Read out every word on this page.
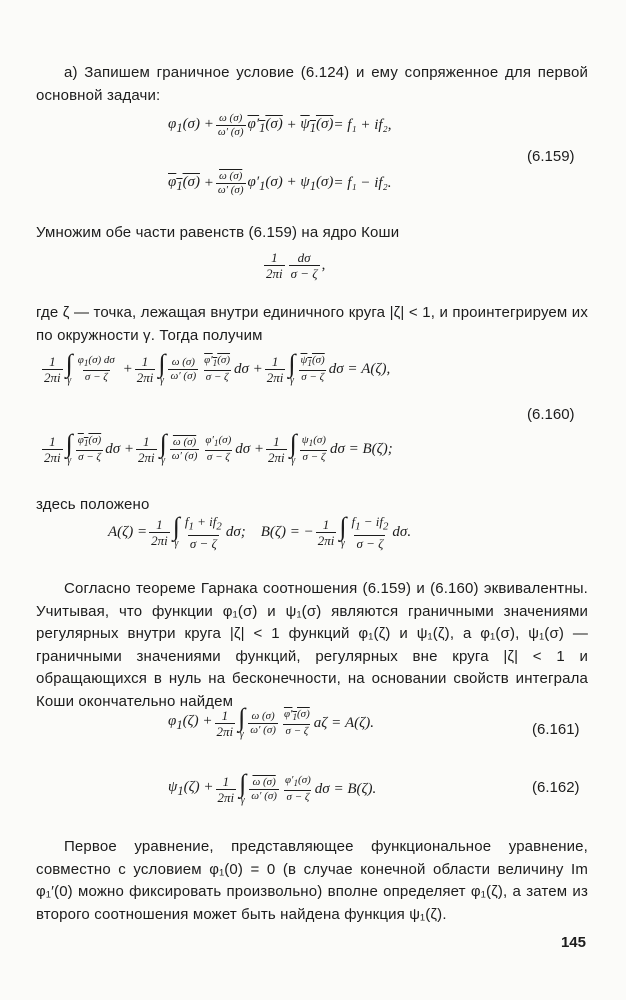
а) Запишем граничное условие (6.124) и ему сопряженное для первой основной задачи:

$\varphi_1(\sigma) + \frac{\omega (\sigma)}{\omega' (\sigma)} \varphi'_1(\sigma) + \psi_1(\sigma) = f_1 + if_2$,
(6.159)
$\varphi_1(\sigma) + \frac{\omega (\sigma)}{\omega' (\sigma)} \varphi'_1(\sigma) + \psi_1(\sigma) = f_1 - if_2$.

Умножим обе части равенств (6.159) на ядро Коши

$\frac{1}{2\pi i} \frac{d\sigma}{\sigma - \zeta}$ ,

где ζ — точка, лежащая внутри единичного круга |ζ| < 1, и проинтегрируем их по окружности γ. Тогда получим

$\frac{1}{2\pi i}$ ∫
γ $\frac{\varphi_1(\sigma) d\sigma}{\sigma - \zeta} + \frac{1}{2\pi i}$ ∫
γ $\frac{\omega (\sigma)}{\omega' (\sigma)} \frac{\varphi'_1(\sigma)}{\sigma - \zeta}$ $d\sigma + \frac{1}{2\pi i}$ ∫
γ $\frac{\psi_1(\sigma)}{\sigma - \zeta}$ dσ = A(ζ),
(6.160)
$\frac{1}{2\pi i}$ ∫
γ $\frac{\varphi_1(\sigma)}{\sigma - \zeta}$ $d\sigma + \frac{1}{2\pi i}$ ∫
γ $\frac{\omega (\sigma)}{\omega' (\sigma)} \frac{\varphi'_1(\sigma)}{\sigma - \zeta}$ $d\sigma + \frac{1}{2\pi i}$ ∫
γ $\frac{\psi_1(\sigma)}{\sigma - \zeta}$ dσ = B(ζ);

здесь положено

$A(\zeta) = \frac{1}{2\pi i}$ ∫
γ $\frac{f_1 + if_2}{\sigma - \zeta} d\sigma$;    B(ζ) = − $\frac{1}{2\pi i}$ ∫
γ $\frac{f_1 - if_2}{\sigma - \zeta} d\sigma$.

Согласно теореме Гарнака соотношения (6.159) и (6.160) эквивалентны. Учитывая, что функции φ₁(σ) и ψ₁(σ) являются граничными значениями регулярных внутри круга |ζ| < 1 функций φ₁(ζ) и ψ₁(ζ), а φ₁(σ), ψ₁(σ) — граничными значениями функций, регулярных вне круга |ζ| < 1 и обращающихся в нуль на бесконечности, на основании свойств интеграла Коши окончательно найдем

$\varphi_1(\zeta) + \frac{1}{2\pi i}$ ∫
γ $\frac{\omega (\sigma)}{\omega' (\sigma)} \frac{\varphi'_1(\sigma)}{\sigma - \zeta}$ aζ = A(ζ).	(6.161)
$\psi_1(\zeta) + \frac{1}{2\pi i}$ ∫
γ $\frac{\omega (\sigma)}{\omega' (\sigma)} \frac{\varphi'_1(\sigma)}{\sigma - \zeta}$ dσ = B(ζ).	(6.162)

Первое уравнение, представляющее функциональное уравнение, совместно с условием φ₁(0) = 0 (в случае конечной области величину Im φ₁′(0) можно фиксировать произвольно) вполне определяет φ₁(ζ), а затем из второго соотношения может быть найдена функция ψ₁(ζ).

145
